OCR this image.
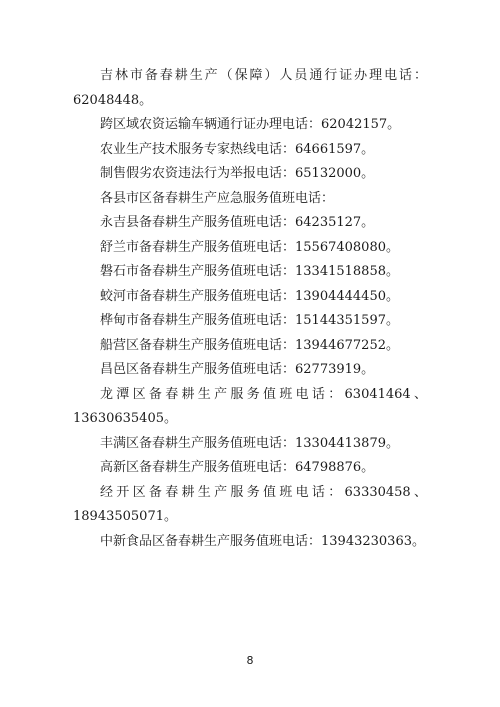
吉林市备春耕生产（保障）人员通行证办理电话：
62048448。
跨区域农资运输车辆通行证办理电话：62042157。
农业生产技术服务专家热线电话：64661597。
制售假劣农资违法行为举报电话：65132000。
各县市区备春耕生产应急服务值班电话：
永吉县备春耕生产服务值班电话：64235127。
舒兰市备春耕生产服务值班电话：15567408080。
磐石市备春耕生产服务值班电话：13341518858。
蛟河市备春耕生产服务值班电话：13904444450。
桦甸市备春耕生产服务值班电话：15144351597。
船营区备春耕生产服务值班电话：13944677252。
昌邑区备春耕生产服务值班电话：62773919。
龙潭区备春耕生产服务值班电话：63041464、
13630635405。
丰满区备春耕生产服务值班电话：13304413879。
高新区备春耕生产服务值班电话：64798876。
经开区备春耕生产服务值班电话：63330458、
18943505071。
中新食品区备春耕生产服务值班电话：13943230363。
8
